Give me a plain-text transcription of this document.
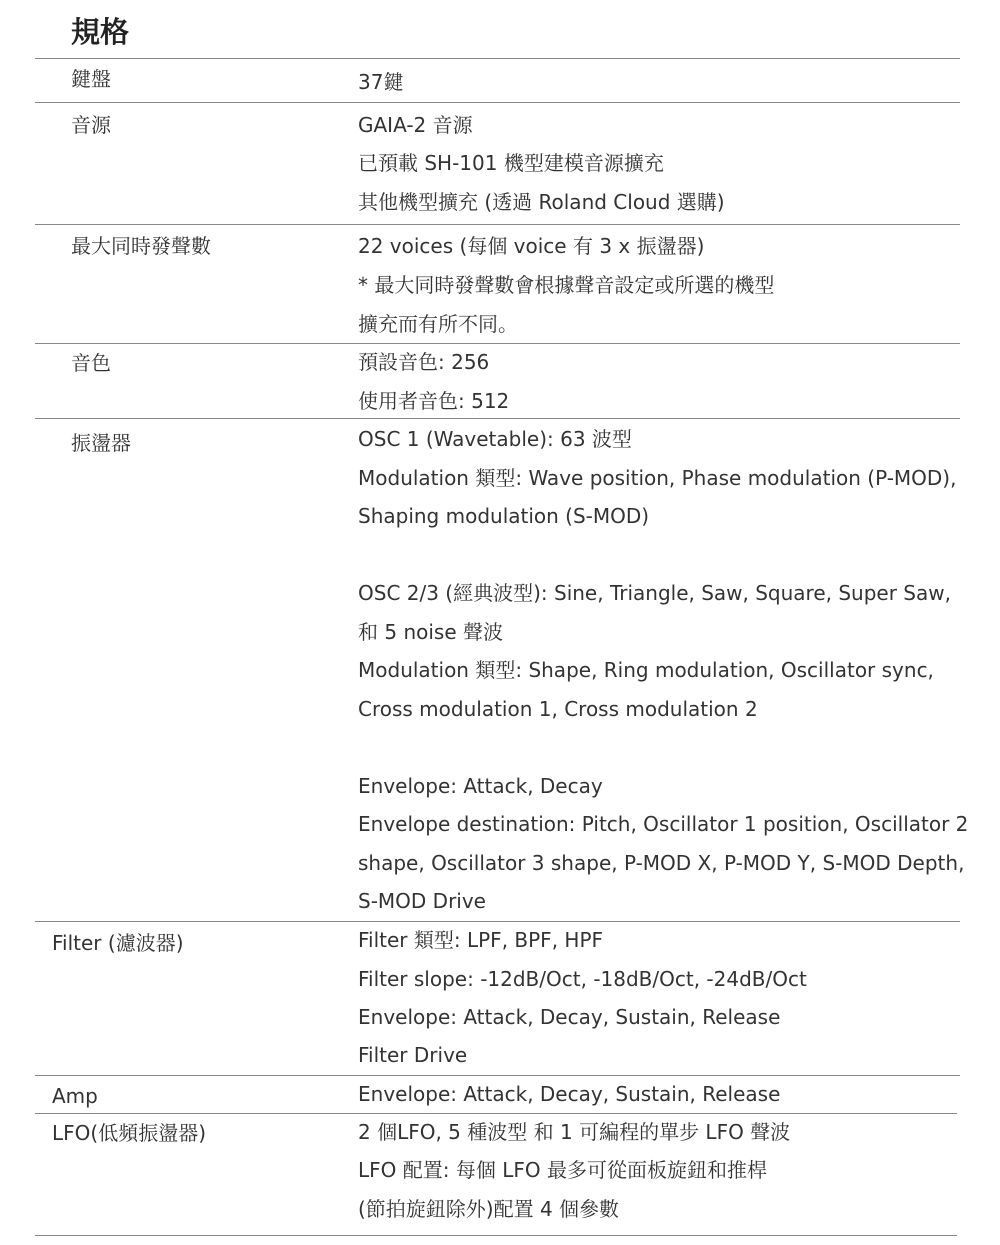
規格
鍵盤	37鍵
音源	GAIA-2 音源
已預載 SH-101 機型建模音源擴充
其他機型擴充 (透過 Roland Cloud 選購)
最大同時發聲數	22 voices (每個 voice 有 3 x 振盪器)
* 最大同時發聲數會根據聲音設定或所選的機型
擴充而有所不同。
音色	預設音色: 256
使用者音色: 512
振盪器	OSC 1 (Wavetable): 63 波型
Modulation 類型: Wave position, Phase modulation (P-MOD),
Shaping modulation (S-MOD)
OSC 2/3 (經典波型): Sine, Triangle, Saw, Square, Super Saw,
和 5 noise 聲波
Modulation 類型: Shape, Ring modulation, Oscillator sync,
Cross modulation 1, Cross modulation 2
Envelope: Attack, Decay
Envelope destination: Pitch, Oscillator 1 position, Oscillator 2
shape, Oscillator 3 shape, P-MOD X, P-MOD Y, S-MOD Depth,
S-MOD Drive
Filter (濾波器)	Filter 類型: LPF, BPF, HPF
Filter slope: -12dB/Oct, -18dB/Oct, -24dB/Oct
Envelope: Attack, Decay, Sustain, Release
Filter Drive
Amp	Envelope: Attack, Decay, Sustain, Release
LFO(低頻振盪器)	2 個LFO, 5 種波型 和 1 可編程的單步 LFO 聲波
LFO 配置: 每個 LFO 最多可從面板旋鈕和推桿
(節拍旋鈕除外)配置 4 個參數
